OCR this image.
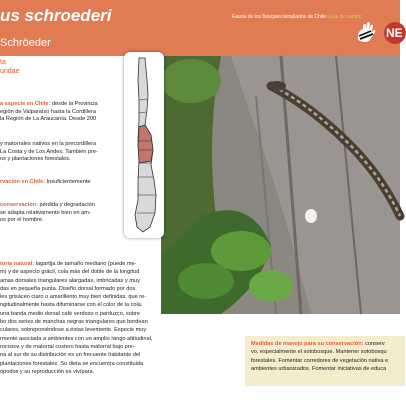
us schroederi
Schröeder
Fauna de los Bosques templados de Chile Guía de campo
NE
ta
uridae
a especie en Chile: desde la Provincia
egión de Valparaíso hasta la Cordillera
la Región de La Araucanía. Desde 200
y matorrales nativos en la precordillera
La Costa y de Los Andes. También pre-
os y plantaciones forestales.
rvación en Chile: Insuficientemente
conservación: pérdida y degradación
se adapta relativamente bien en am-
os por el hombre.
toria natural: lagartija de tamaño mediano (puede me-
m) y de aspecto grácil, cola más del doble de la longitud
amas dorsales triangulares alargadas, imbricadas y muy
das en pequeña punta. Diseño dorsal formado por dos
les grisáceo claro o amarillento muy bien definidas, que re-
ngitudinalmente hasta difuminarse con el color de la cola.
una banda medio dorsal café verdoso o parduzco, sobre
bo dos series de manchas negras triangulares que bordean
culares, sobreponiéndose a éstas levemente. Especie muy
rmente asociada a ambientes con un amplio rango altitudinal,
rocosos y de matorral costero hasta matorral bajo pre-
na al sur de su distribución es un frecuente habitante del
plantaciones forestales. Su dieta se encuentra constituida
ópodos y su reproducción es vivípara.
Medidas de manejo para su conservación: conserv
vo, especialmente el sotobosque. Mantener sotobosqu
forestales. Fomentar corredores de vegetación nativa e
ambientes urbanizados. Fomentar iniciativas de educa
